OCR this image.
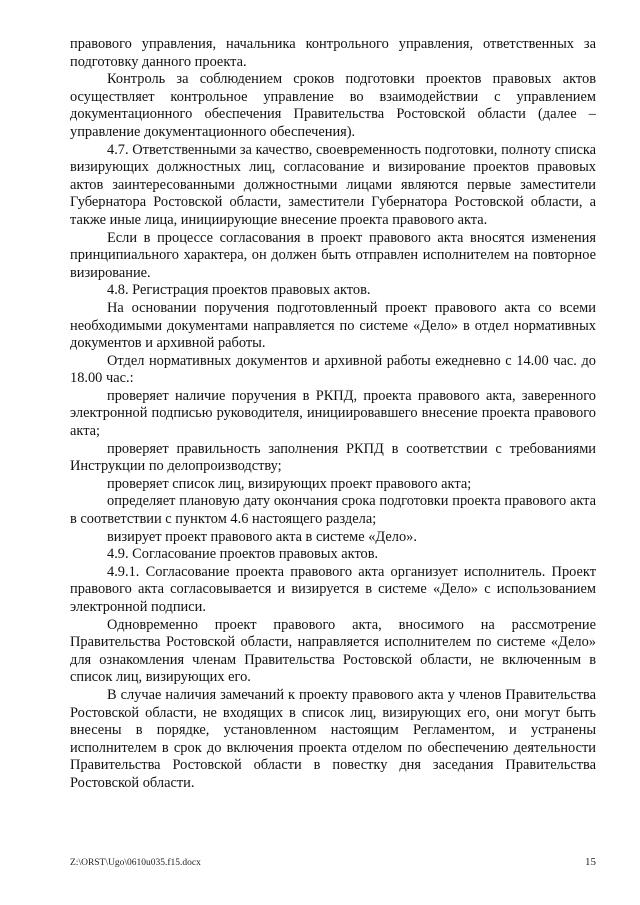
правового управления, начальника контрольного управления, ответственных за подготовку данного проекта.

Контроль за соблюдением сроков подготовки проектов правовых актов осуществляет контрольное управление во взаимодействии с управлением документационного обеспечения Правительства Ростовской области (далее – управление документационного обеспечения).

4.7. Ответственными за качество, своевременность подготовки, полноту списка визирующих должностных лиц, согласование и визирование проектов правовых актов заинтересованными должностными лицами являются первые заместители Губернатора Ростовской области, заместители Губернатора Ростовской области, а также иные лица, инициирующие внесение проекта правового акта.

Если в процессе согласования в проект правового акта вносятся изменения принципиального характера, он должен быть отправлен исполнителем на повторное визирование.

4.8. Регистрация проектов правовых актов.

На основании поручения подготовленный проект правового акта со всеми необходимыми документами направляется по системе «Дело» в отдел нормативных документов и архивной работы.

Отдел нормативных документов и архивной работы ежедневно с 14.00 час. до 18.00 час.:

проверяет наличие поручения в РКПД, проекта правового акта, заверенного электронной подписью руководителя, инициировавшего внесение проекта правового акта;

проверяет правильность заполнения РКПД в соответствии с требованиями Инструкции по делопроизводству;

проверяет список лиц, визирующих проект правового акта;

определяет плановую дату окончания срока подготовки проекта правового акта в соответствии с пунктом 4.6 настоящего раздела;

визирует проект правового акта в системе «Дело».

4.9. Согласование проектов правовых актов.

4.9.1. Согласование проекта правового акта организует исполнитель. Проект правового акта согласовывается и визируется в системе «Дело» с использованием электронной подписи.

Одновременно проект правового акта, вносимого на рассмотрение Правительства Ростовской области, направляется исполнителем по системе «Дело» для ознакомления членам Правительства Ростовской области, не включенным в список лиц, визирующих его.

В случае наличия замечаний к проекту правового акта у членов Правительства Ростовской области, не входящих в список лиц, визирующих его, они могут быть внесены в порядке, установленном настоящим Регламентом, и устранены исполнителем в срок до включения проекта отделом по обеспечению деятельности Правительства Ростовской области в повестку дня заседания Правительства Ростовской области.

Z:\ORST\Ugo\0610u035.f15.docx	15
